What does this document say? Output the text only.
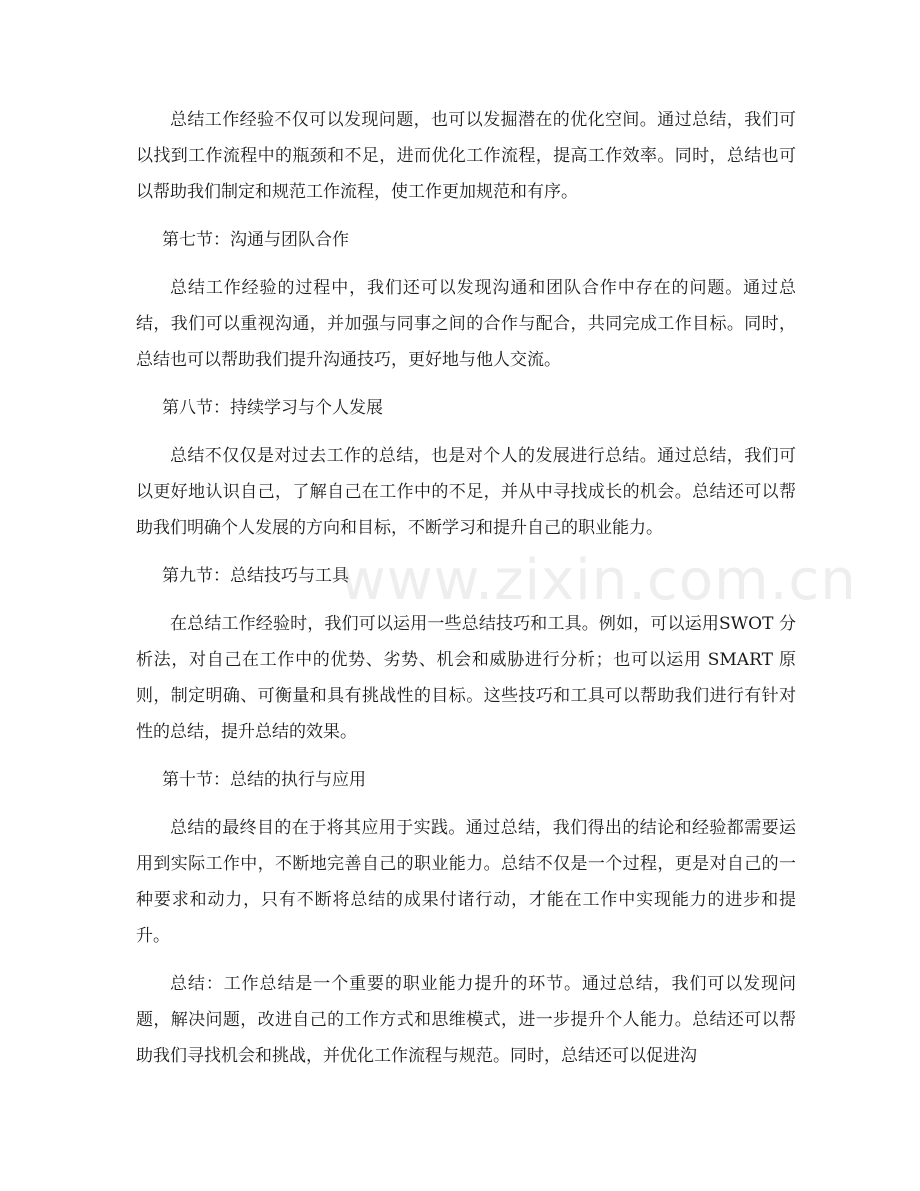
总结工作经验不仅可以发现问题，也可以发掘潜在的优化空间。通过总结，我们可以找到工作流程中的瓶颈和不足，进而优化工作流程，提高工作效率。同时，总结也可以帮助我们制定和规范工作流程，使工作更加规范和有序。

第七节：沟通与团队合作

总结工作经验的过程中，我们还可以发现沟通和团队合作中存在的问题。通过总结，我们可以重视沟通，并加强与同事之间的合作与配合，共同完成工作目标。同时，总结也可以帮助我们提升沟通技巧，更好地与他人交流。

第八节：持续学习与个人发展

总结不仅仅是对过去工作的总结，也是对个人的发展进行总结。通过总结，我们可以更好地认识自己，了解自己在工作中的不足，并从中寻找成长的机会。总结还可以帮助我们明确个人发展的方向和目标，不断学习和提升自己的职业能力。

第九节：总结技巧与工具

在总结工作经验时，我们可以运用一些总结技巧和工具。例如，可以运用SWOT 分析法，对自己在工作中的优势、劣势、机会和威胁进行分析；也可以运用 SMART 原则，制定明确、可衡量和具有挑战性的目标。这些技巧和工具可以帮助我们进行有针对性的总结，提升总结的效果。

第十节：总结的执行与应用

总结的最终目的在于将其应用于实践。通过总结，我们得出的结论和经验都需要运用到实际工作中，不断地完善自己的职业能力。总结不仅是一个过程，更是对自己的一种要求和动力，只有不断将总结的成果付诸行动，才能在工作中实现能力的进步和提升。

总结：工作总结是一个重要的职业能力提升的环节。通过总结，我们可以发现问题，解决问题，改进自己的工作方式和思维模式，进一步提升个人能力。总结还可以帮助我们寻找机会和挑战，并优化工作流程与规范。同时，总结还可以促进沟

www.zixin.com.cn
